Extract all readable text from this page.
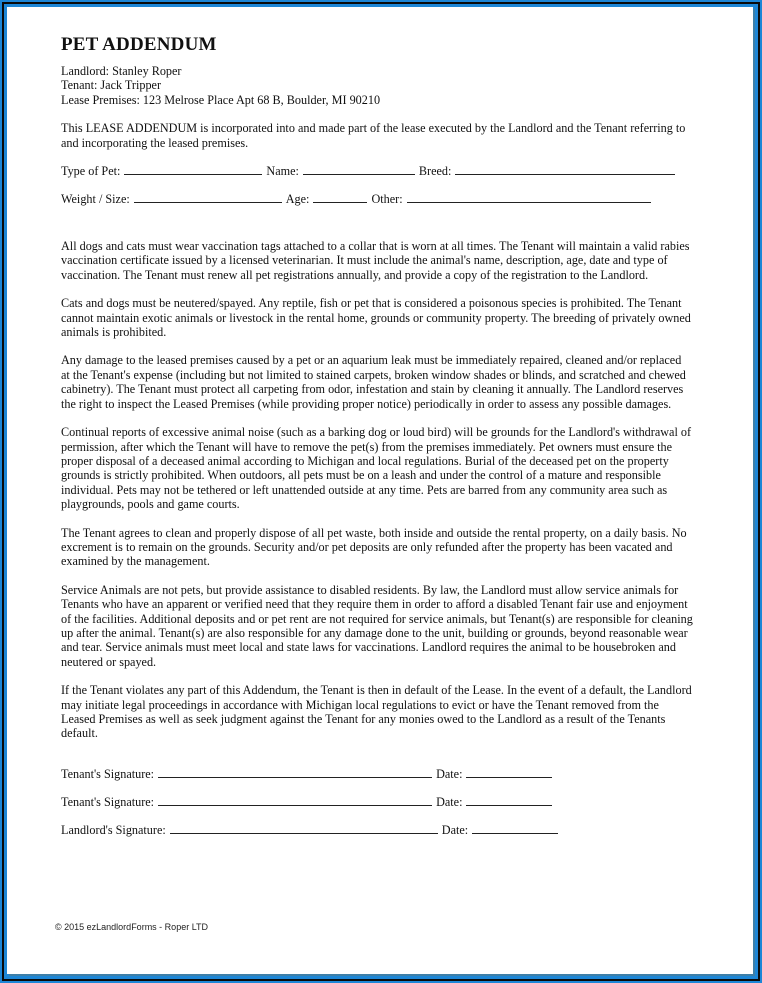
PET ADDENDUM
Landlord: Stanley Roper
Tenant: Jack Tripper
Lease Premises: 123 Melrose Place Apt 68 B, Boulder, MI 90210
This LEASE ADDENDUM is incorporated into and made part of the lease executed by the Landlord and the Tenant referring to and incorporating the leased premises.
Type of Pet:	Name:	Breed:
Weight / Size:	Age:	Other:
All dogs and cats must wear vaccination tags attached to a collar that is worn at all times. The Tenant will maintain a valid rabies vaccination certificate issued by a licensed veterinarian. It must include the animal's name, description, age, date and type of vaccination. The Tenant must renew all pet registrations annually, and provide a copy of the registration to the Landlord.
Cats and dogs must be neutered/spayed. Any reptile, fish or pet that is considered a poisonous species is prohibited. The Tenant cannot maintain exotic animals or livestock in the rental home, grounds or community property. The breeding of privately owned animals is prohibited.
Any damage to the leased premises caused by a pet or an aquarium leak must be immediately repaired, cleaned and/or replaced at the Tenant's expense (including but not limited to stained carpets, broken window shades or blinds, and scratched and chewed cabinetry). The Tenant must protect all carpeting from odor, infestation and stain by cleaning it annually. The Landlord reserves the right to inspect the Leased Premises (while providing proper notice) periodically in order to assess any possible damages.
Continual reports of excessive animal noise (such as a barking dog or loud bird) will be grounds for the Landlord's withdrawal of permission, after which the Tenant will have to remove the pet(s) from the premises immediately. Pet owners must ensure the proper disposal of a deceased animal according to Michigan and local regulations. Burial of the deceased pet on the property grounds is strictly prohibited. When outdoors, all pets must be on a leash and under the control of a mature and responsible individual. Pets may not be tethered or left unattended outside at any time. Pets are barred from any community area such as playgrounds, pools and game courts.
The Tenant agrees to clean and properly dispose of all pet waste, both inside and outside the rental property, on a daily basis. No excrement is to remain on the grounds. Security and/or pet deposits are only refunded after the property has been vacated and examined by the management.
Service Animals are not pets, but provide assistance to disabled residents. By law, the Landlord must allow service animals for Tenants who have an apparent or verified need that they require them in order to afford a disabled Tenant fair use and enjoyment of the facilities. Additional deposits and or pet rent are not required for service animals, but Tenant(s) are responsible for cleaning up after the animal. Tenant(s) are also responsible for any damage done to the unit, building or grounds, beyond reasonable wear and tear. Service animals must meet local and state laws for vaccinations. Landlord requires the animal to be housebroken and neutered or spayed.
If the Tenant violates any part of this Addendum, the Tenant is then in default of the Lease. In the event of a default, the Landlord may initiate legal proceedings in accordance with Michigan local regulations to evict or have the Tenant removed from the Leased Premises as well as seek judgment against the Tenant for any monies owed to the Landlord as a result of the Tenants default.
Tenant's Signature:	Date:
Tenant's Signature:	Date:
Landlord's Signature:	Date:
© 2015 ezLandlordForms - Roper LTD
